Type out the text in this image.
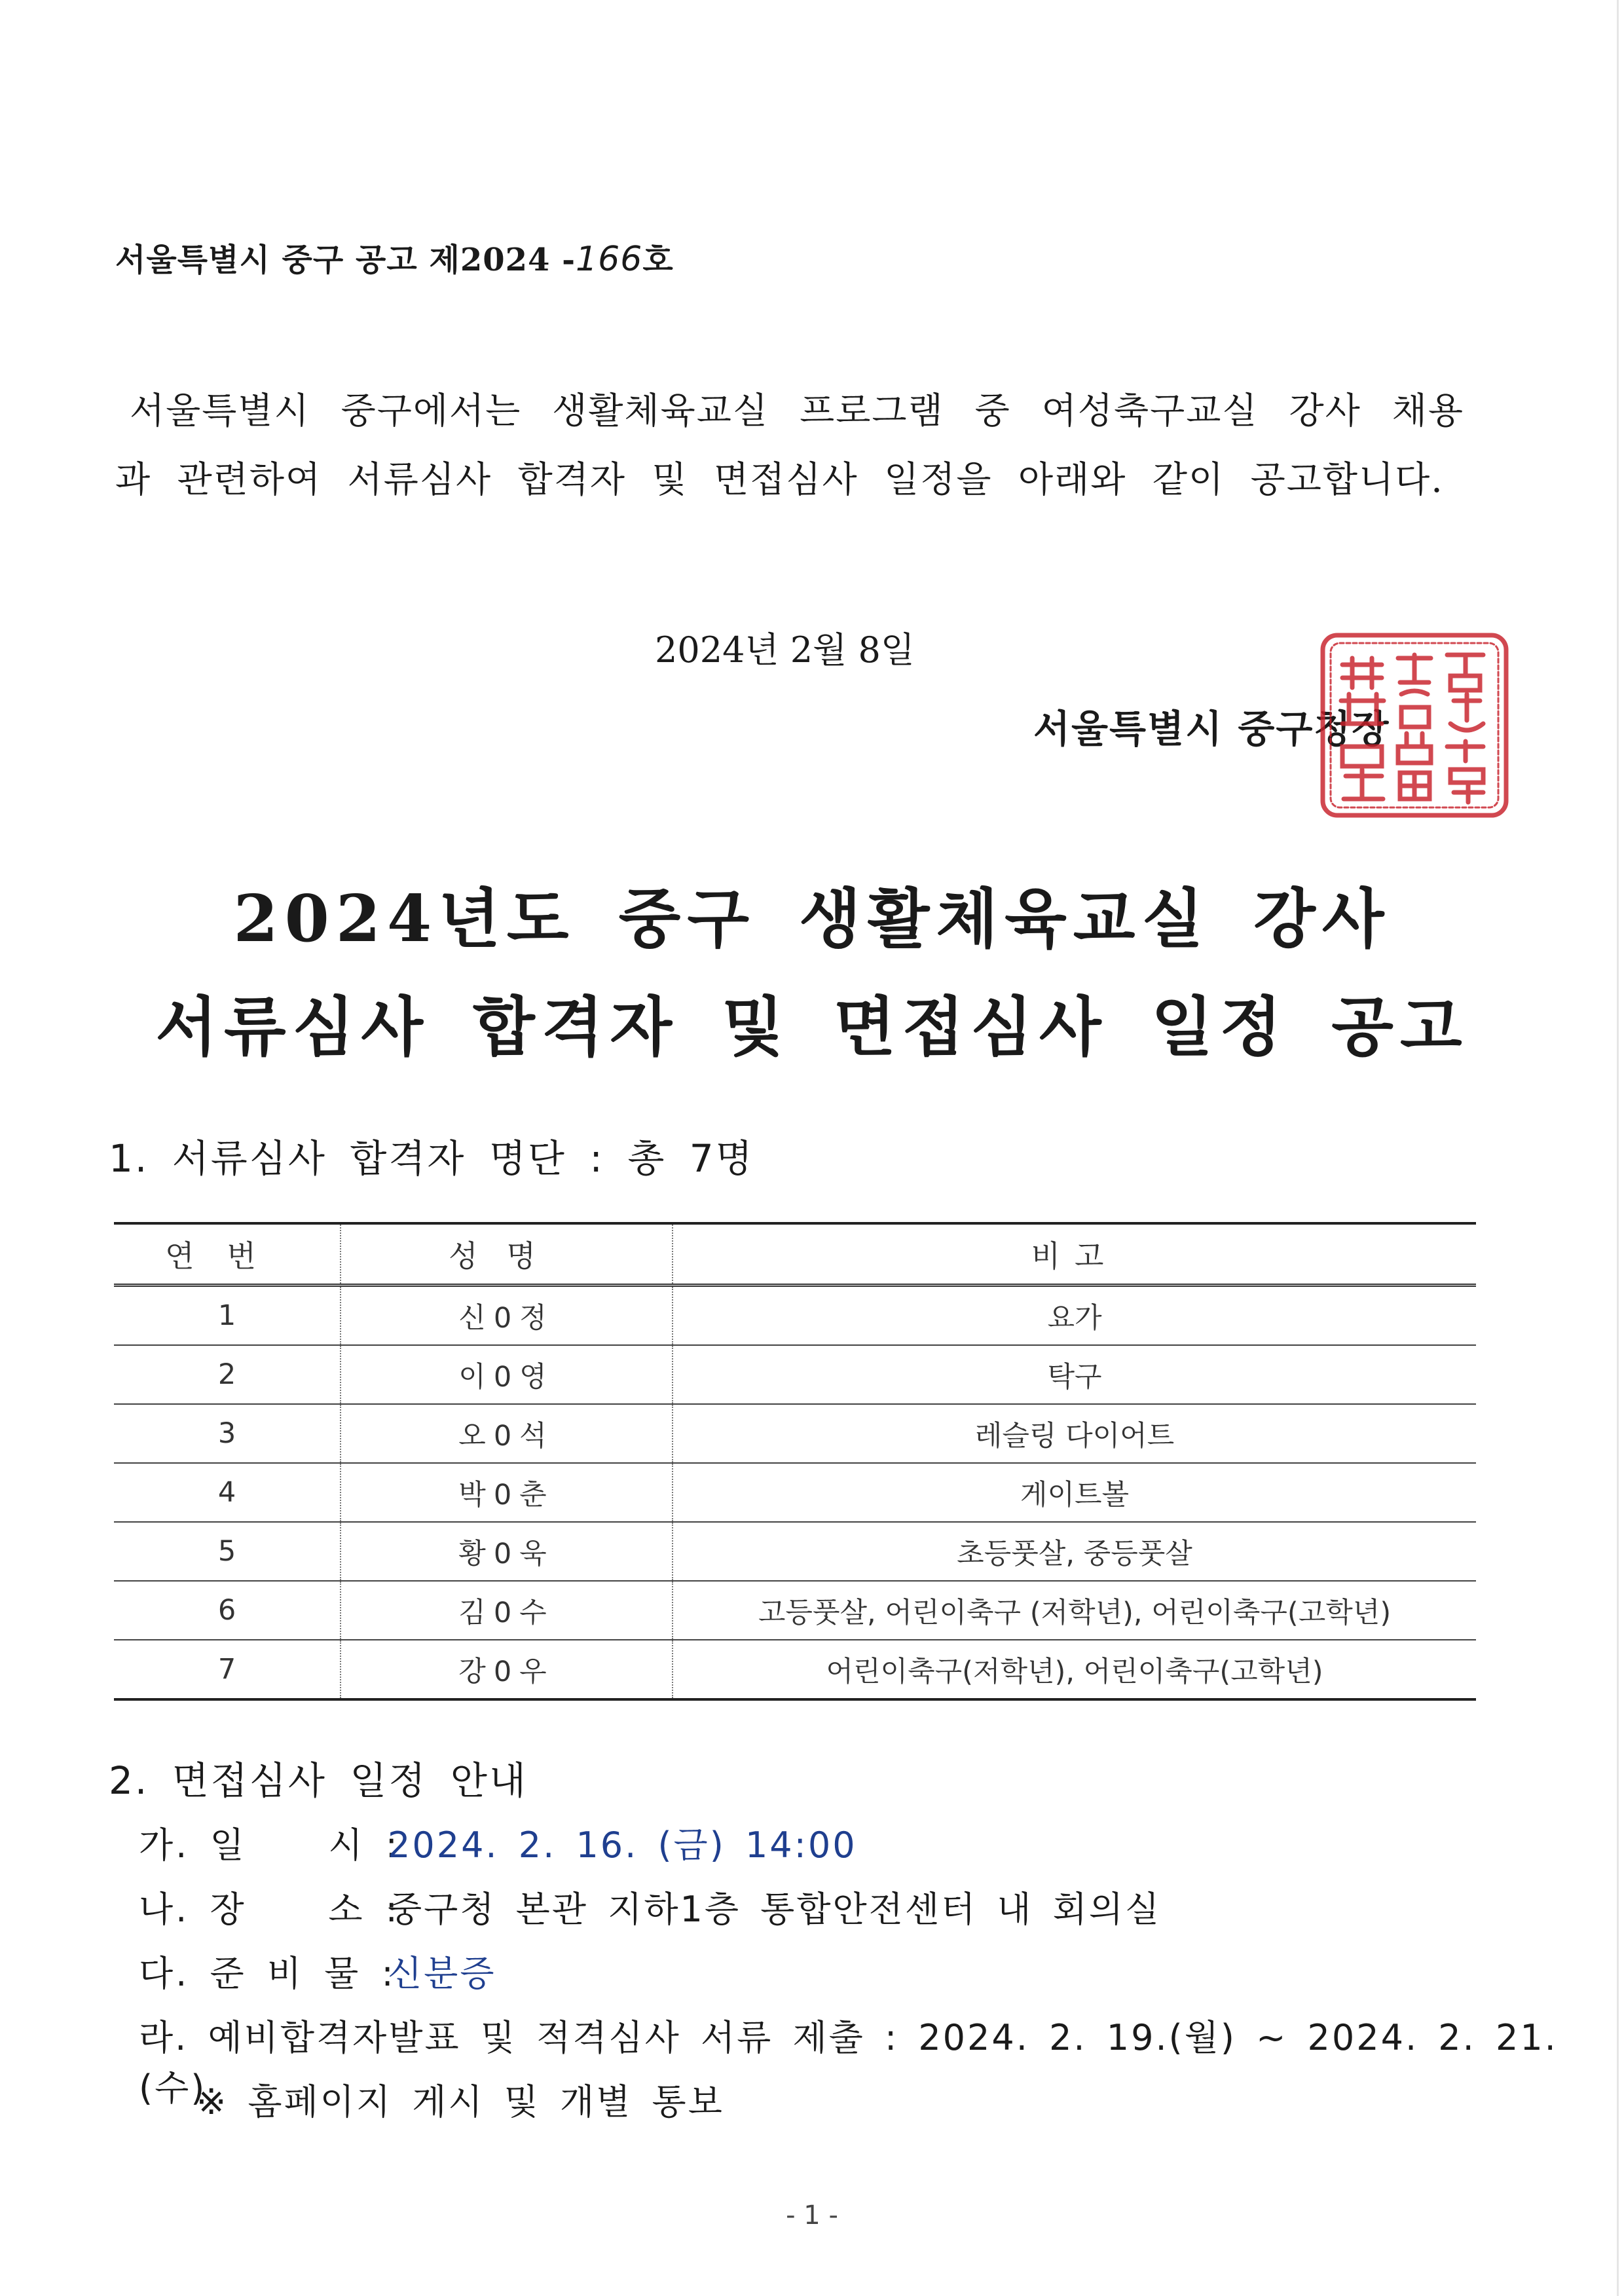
서울특별시 중구 공고 제2024 -166호
서울특별시 중구에서는 생활체육교실 프로그램 중 여성축구교실 강사 채용과 관련하여 서류심사 합격자 및 면접심사 일정을 아래와 같이 공고합니다.
2024년 2월 8일
서울특별시 중구청장
2024년도 중구 생활체육교실 강사
서류심사 합격자 및 면접심사 일정 공고
1. 서류심사 합격자 명단 : 총 7명
연번	성명	비고
1	신0정	요가
2	이0영	탁구
3	오0석	레슬링 다이어트
4	박0춘	게이트볼
5	황0욱	초등풋살, 중등풋살
6	김0수	고등풋살, 어린이축구 (저학년), 어린이축구(고학년)
7	강0우	어린이축구(저학년), 어린이축구(고학년)
2. 면접심사 일정 안내
가. 일    시 :2024. 2. 16. (금) 14:00
나. 장    소 :중구청 본관 지하1층 통합안전센터 내 회의실
다. 준 비 물 :신분증
라. 예비합격자발표 및 적격심사 서류 제출 : 2024. 2. 19.(월) ~ 2024. 2. 21.(수)
※ 홈페이지 게시 및 개별 통보
- 1 -
